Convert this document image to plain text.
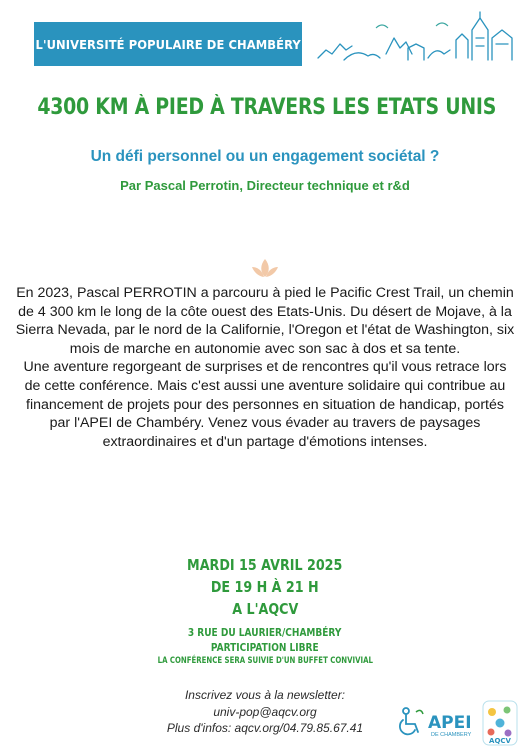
L'UNIVERSITÉ POPULAIRE DE CHAMBÉRY
4300 KM À PIED À TRAVERS LES ETATS UNIS
Un défi personnel ou un engagement sociétal ?
Par Pascal Perrotin, Directeur technique et r&d

En 2023, Pascal PERROTIN a parcouru à pied le Pacific Crest Trail, un chemin de 4 300 km le long de la côte ouest des Etats-Unis. Du désert de Mojave, à la Sierra Nevada, par le nord de la Californie, l'Oregon et l'état de Washington, six mois de marche en autonomie avec son sac à dos et sa tente.

Une aventure regorgeant de surprises et de rencontres qu'il vous retrace lors de cette conférence. Mais c'est aussi une aventure solidaire qui contribue au financement de projets pour des personnes en situation de handicap, portés par l'APEI de Chambéry. Venez vous évader au travers de paysages extraordinaires et d'un partage d'émotions intenses.

MARDI 15 AVRIL 2025
DE 19 H À 21 H
A L'AQCV
3 RUE DU LAURIER/CHAMBÉRY
PARTICIPATION LIBRE
LA CONFÉRENCE SERA SUIVIE D'UN BUFFET CONVIVIAL
Inscrivez vous à la newsletter:
univ-pop@aqcv.org
Plus d'infos: aqcv.org/04.79.85.67.41	APEI
DE CHAMBERY
AQCV
